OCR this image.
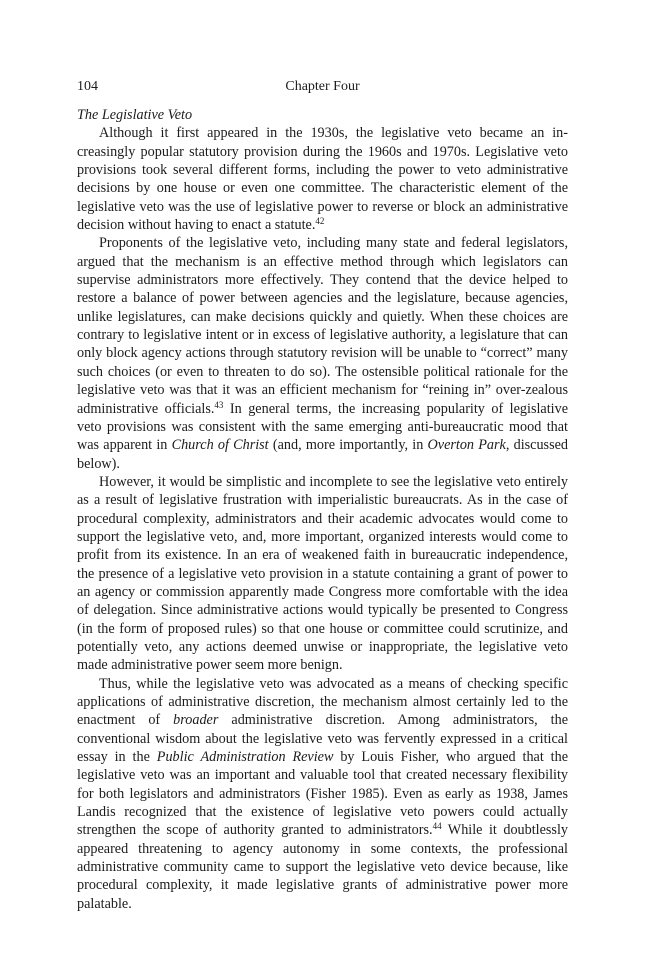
104	Chapter Four

The Legislative Veto

Although it first appeared in the 1930s, the legislative veto became an increasingly popular statutory provision during the 1960s and 1970s. Legislative veto provisions took several different forms, including the power to veto administrative decisions by one house or even one committee. The characteristic element of the legislative veto was the use of legislative power to reverse or block an administrative decision without having to enact a statute.$^{42}$

Proponents of the legislative veto, including many state and federal legislators, argued that the mechanism is an effective method through which legislators can supervise administrators more effectively. They contend that the device helped to restore a balance of power between agencies and the legislature, because agencies, unlike legislatures, can make decisions quickly and quietly. When these choices are contrary to legislative intent or in excess of legislative authority, a legislature that can only block agency actions through statutory revision will be unable to “correct” many such choices (or even to threaten to do so). The ostensible political rationale for the legislative veto was that it was an efficient mechanism for “reining in” over-zealous administrative officials.$^{43}$ In general terms, the increasing popularity of legislative veto provisions was consistent with the same emerging anti-bureaucratic mood that was apparent in Church of Christ (and, more importantly, in Overton Park, discussed below).

However, it would be simplistic and incomplete to see the legislative veto entirely as a result of legislative frustration with imperialistic bureaucrats. As in the case of procedural complexity, administrators and their academic advocates would come to support the legislative veto, and, more important, organized interests would come to profit from its existence. In an era of weakened faith in bureaucratic independence, the presence of a legislative veto provision in a statute containing a grant of power to an agency or commission apparently made Congress more comfortable with the idea of delegation. Since administrative actions would typically be presented to Congress (in the form of proposed rules) so that one house or committee could scrutinize, and potentially veto, any actions deemed unwise or inappropriate, the legislative veto made administrative power seem more benign.

Thus, while the legislative veto was advocated as a means of checking specific applications of administrative discretion, the mechanism almost certainly led to the enactment of broader administrative discretion. Among administrators, the conventional wisdom about the legislative veto was fervently expressed in a critical essay in the Public Administration Review by Louis Fisher, who argued that the legislative veto was an important and valuable tool that created necessary flexibility for both legislators and administrators (Fisher 1985). Even as early as 1938, James Landis recognized that the existence of legislative veto powers could actually strengthen the scope of authority granted to administrators.$^{44}$ While it doubtlessly appeared threatening to agency autonomy in some contexts, the professional administrative community came to support the legislative veto device because, like procedural complexity, it made legislative grants of administrative power more palatable.
